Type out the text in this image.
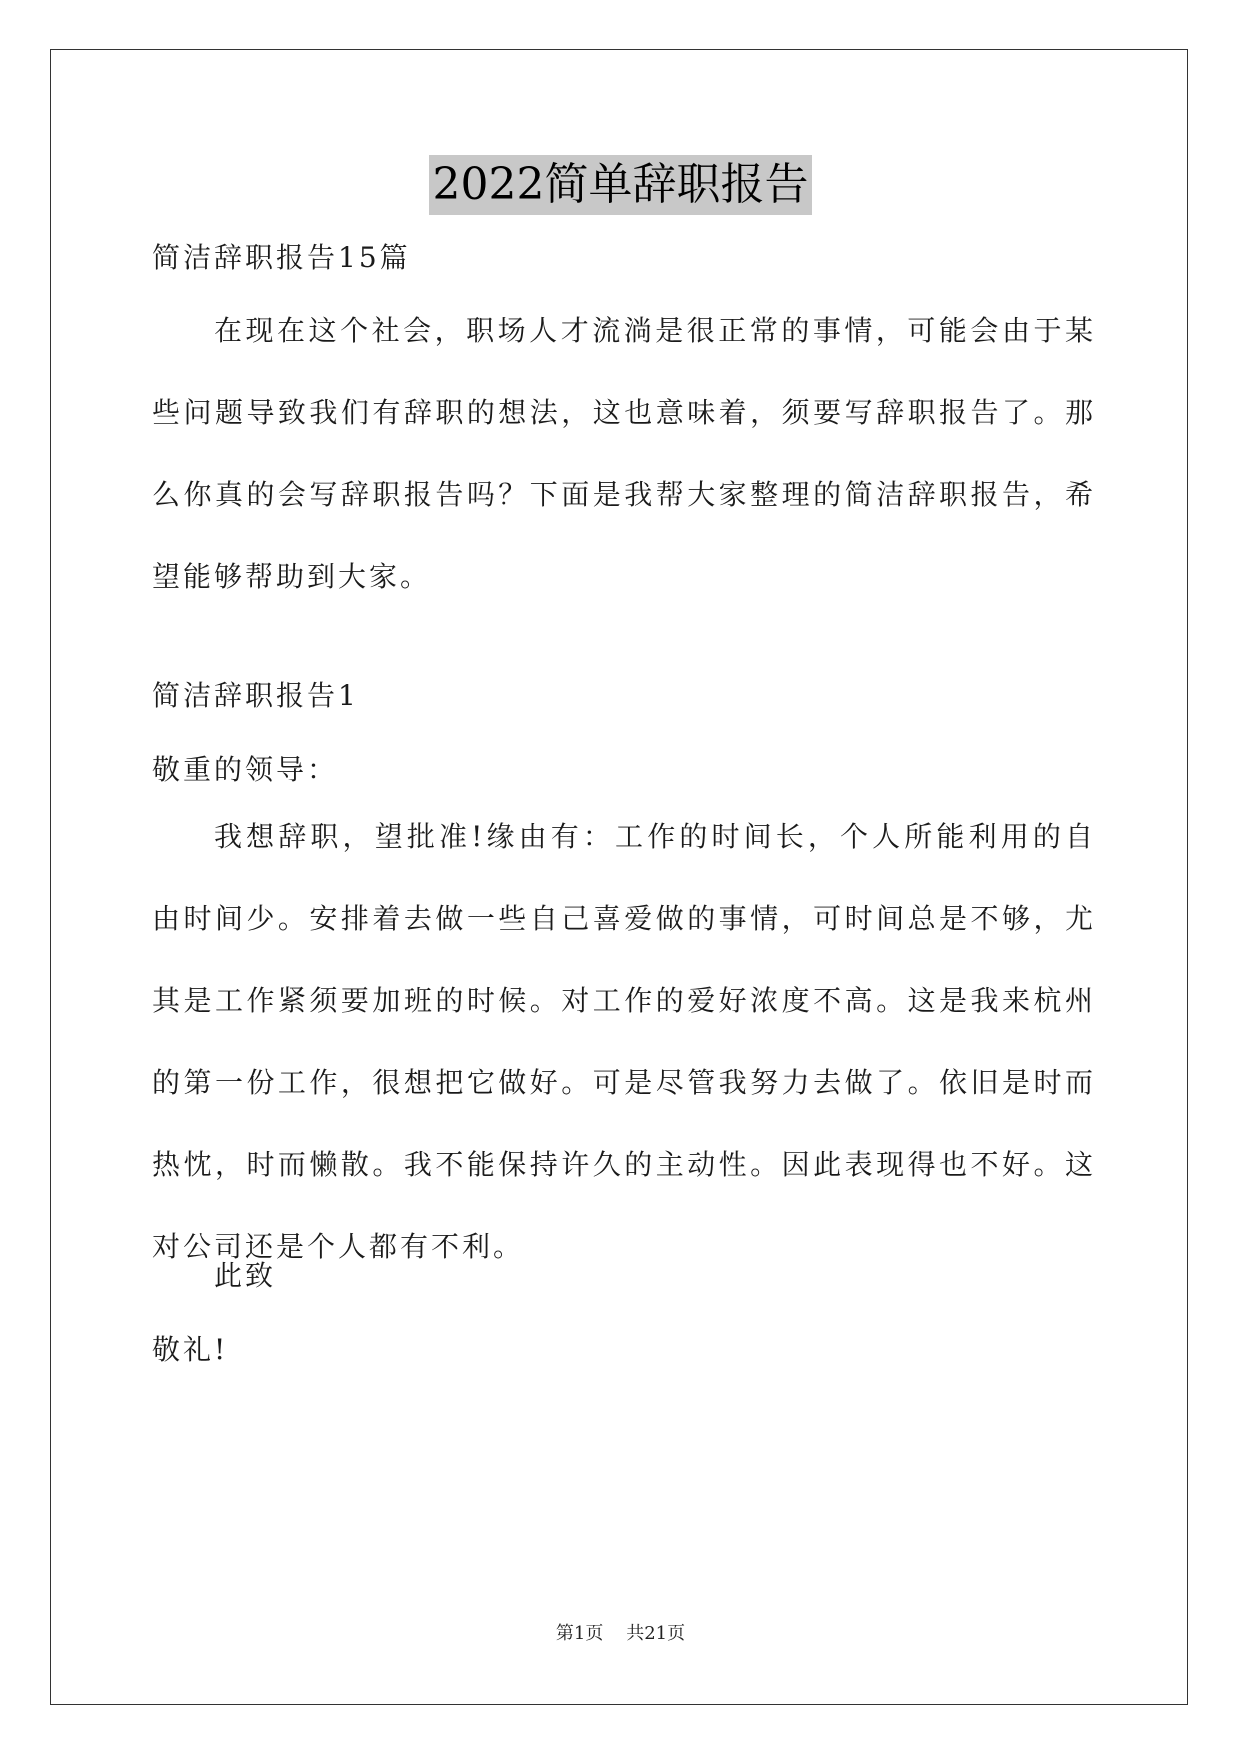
2022简单辞职报告
简洁辞职报告15篇
在现在这个社会，职场人才流淌是很正常的事情，可能会由于某些问题导致我们有辞职的想法，这也意味着，须要写辞职报告了。那么你真的会写辞职报告吗？下面是我帮大家整理的简洁辞职报告，希望能够帮助到大家。
简洁辞职报告1
敬重的领导：
我想辞职，望批准!缘由有：工作的时间长，个人所能利用的自由时间少。安排着去做一些自己喜爱做的事情，可时间总是不够，尤其是工作紧须要加班的时候。对工作的爱好浓度不高。这是我来杭州的第一份工作，很想把它做好。可是尽管我努力去做了。依旧是时而热忱，时而懒散。我不能保持许久的主动性。因此表现得也不好。这对公司还是个人都有不利。
此致
敬礼!
第1页 共21页
